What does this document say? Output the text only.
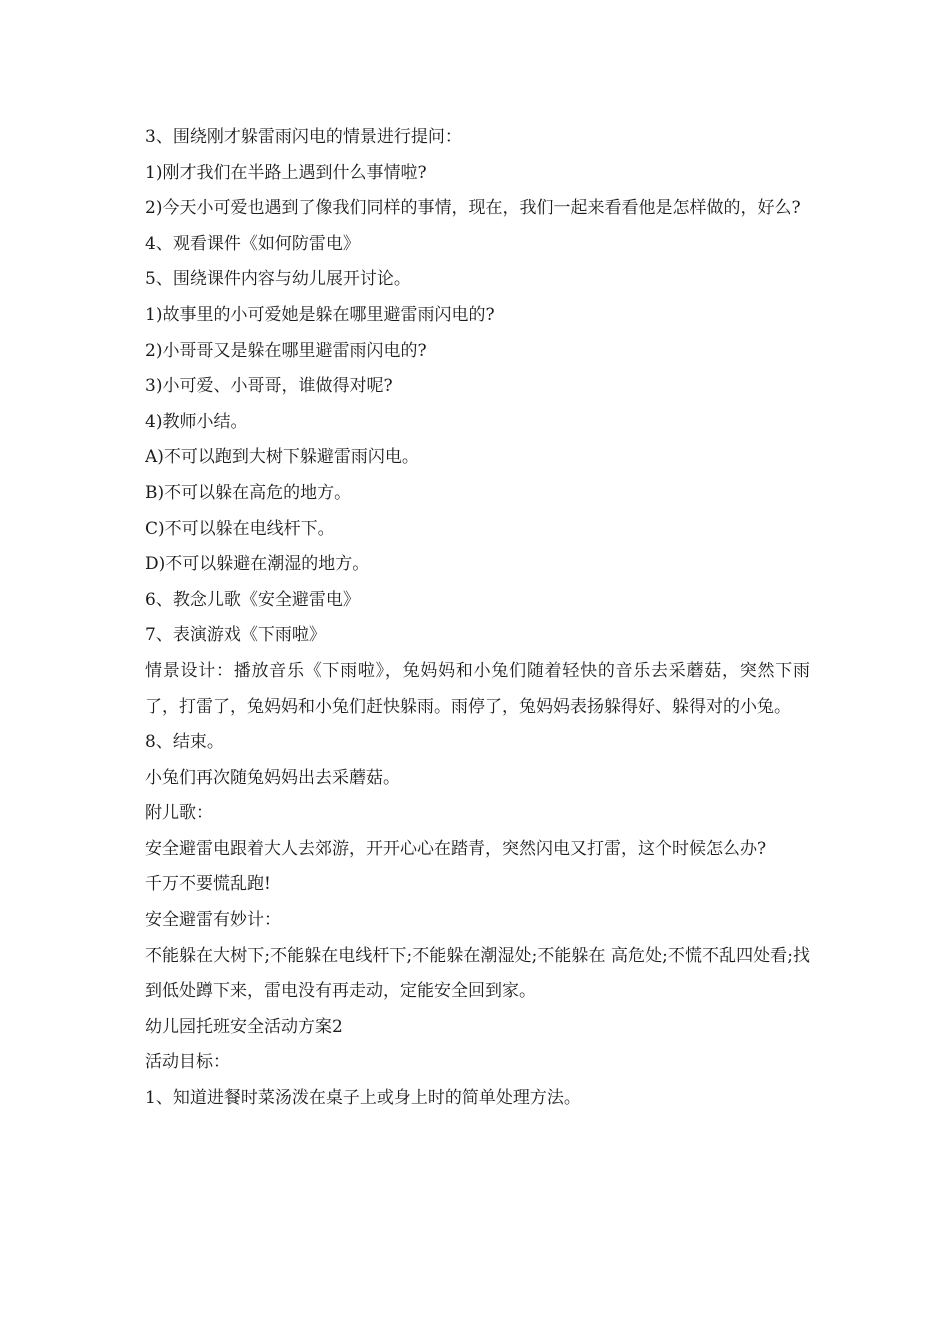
3、围绕刚才躲雷雨闪电的情景进行提问：
1)刚才我们在半路上遇到什么事情啦?
2)今天小可爱也遇到了像我们同样的事情，现在，我们一起来看看他是怎样做的，好么?
4、观看课件《如何防雷电》
5、围绕课件内容与幼儿展开讨论。
1)故事里的小可爱她是躲在哪里避雷雨闪电的?
2)小哥哥又是躲在哪里避雷雨闪电的?
3)小可爱、小哥哥，谁做得对呢?
4)教师小结。
A)不可以跑到大树下躲避雷雨闪电。
B)不可以躲在高危的地方。
C)不可以躲在电线杆下。
D)不可以躲避在潮湿的地方。
6、教念儿歌《安全避雷电》
7、表演游戏《下雨啦》
情景设计：播放音乐《下雨啦》，兔妈妈和小兔们随着轻快的音乐去采蘑菇，突然下雨了，打雷了，兔妈妈和小兔们赶快躲雨。雨停了，兔妈妈表扬躲得好、躲得对的小兔。
8、结束。
小兔们再次随兔妈妈出去采蘑菇。
附儿歌：
安全避雷电跟着大人去郊游，开开心心在踏青，突然闪电又打雷，这个时候怎么办?
千万不要慌乱跑!
安全避雷有妙计：
不能躲在大树下;不能躲在电线杆下;不能躲在潮湿处;不能躲在 高危处;不慌不乱四处看;找到低处蹲下来，雷电没有再走动，定能安全回到家。
幼儿园托班安全活动方案2
活动目标：
1、知道进餐时菜汤泼在桌子上或身上时的简单处理方法。
